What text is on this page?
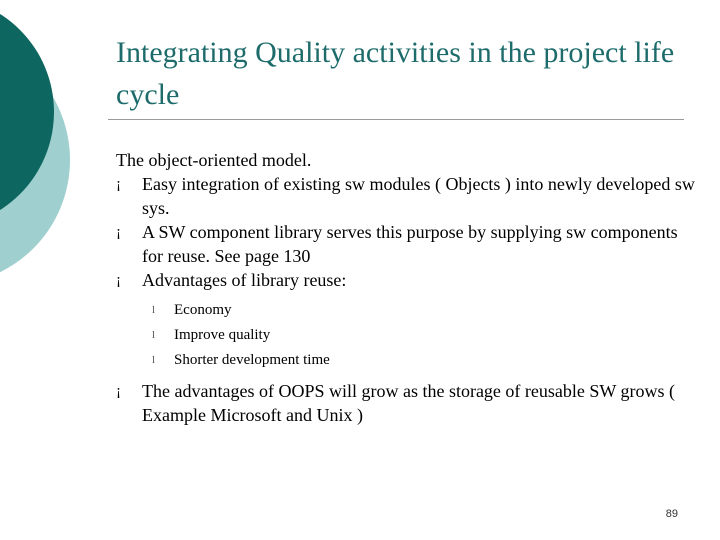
Integrating Quality activities in the project life cycle

The object-oriented model.

¡	Easy integration of existing sw modules ( Objects ) into newly developed sw sys.

¡	A SW component library serves this purpose by supplying sw components for reuse. See page 130

¡	Advantages of library reuse:

l	Economy

l	Improve quality

l	Shorter development time

¡	The advantages of OOPS will grow as the storage of reusable SW grows ( Example Microsoft and Unix )

89
